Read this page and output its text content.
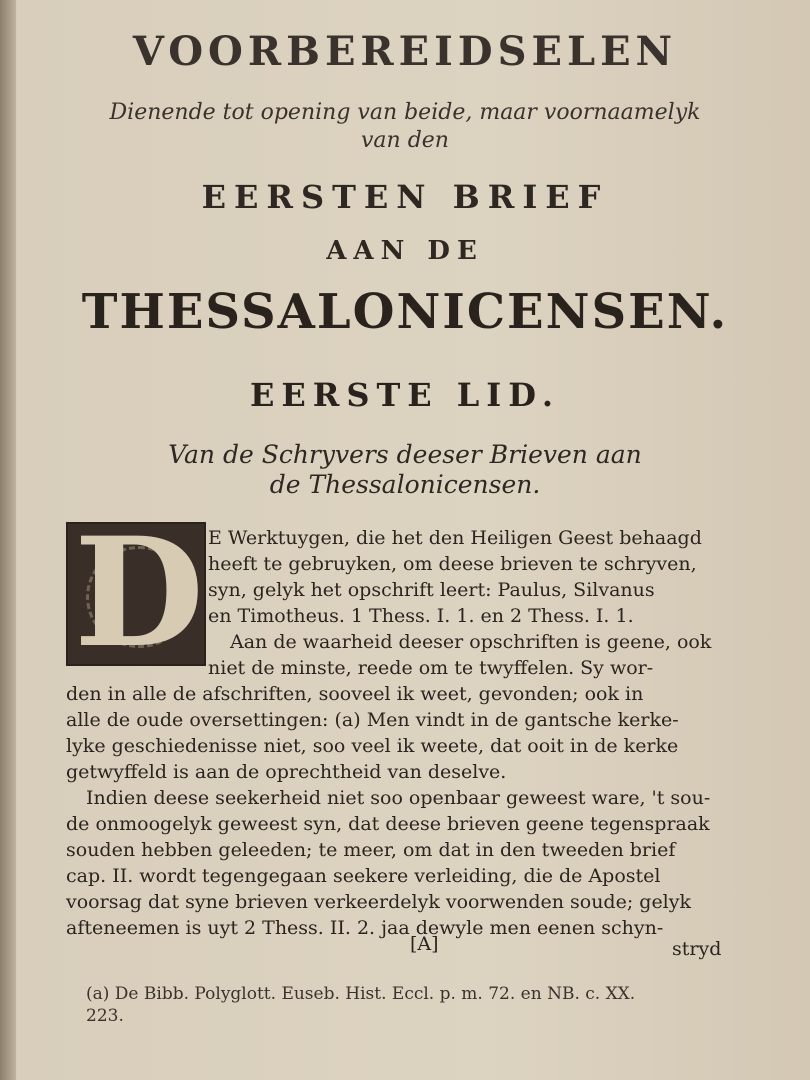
VOORBEREIDSELEN
Dienende tot opening van beide, maar voornaamelyk
van den
EERSTEN BRIEF
AAN DE
THESSALONICENSEN.
EERSTE LID.
Van de Schryvers deeser Brieven aan
de Thessalonicensen.
D E Werktuygen, die het den Heiligen Geest behaagd
heeft te gebruyken, om deese brieven te schryven,
syn, gelyk het opschrift leert: Paulus, Silvanus
en Timotheus. 1 Thess. I. 1. en 2 Thess. I. 1.
Aan de waarheid deeser opschriften is geene, ook
niet de minste, reede om te twyffelen. Sy wor-
den in alle de afschriften, sooveel ik weet, gevonden; ook in
alle de oude oversettingen: (a) Men vindt in de gantsche kerke-
lyke geschiedenisse niet, soo veel ik weete, dat ooit in de kerke
getwyffeld is aan de oprechtheid van deselve.
Indien deese seekerheid niet soo openbaar geweest ware, 't sou-
de onmoogelyk geweest syn, dat deese brieven geene tegenspraak
souden hebben geleeden; te meer, om dat in den tweeden brief
cap. II. wordt tegengegaan seekere verleiding, die de Apostel
voorsag dat syne brieven verkeerdelyk voorwenden soude; gelyk
afteneemen is uyt 2 Thess. II. 2. jaa dewyle men eenen schyn-
[A]	stryd
(a) De Bibb. Polyglott. Euseb. Hist. Eccl. p. m. 72. en NB. c. XX.
223.
